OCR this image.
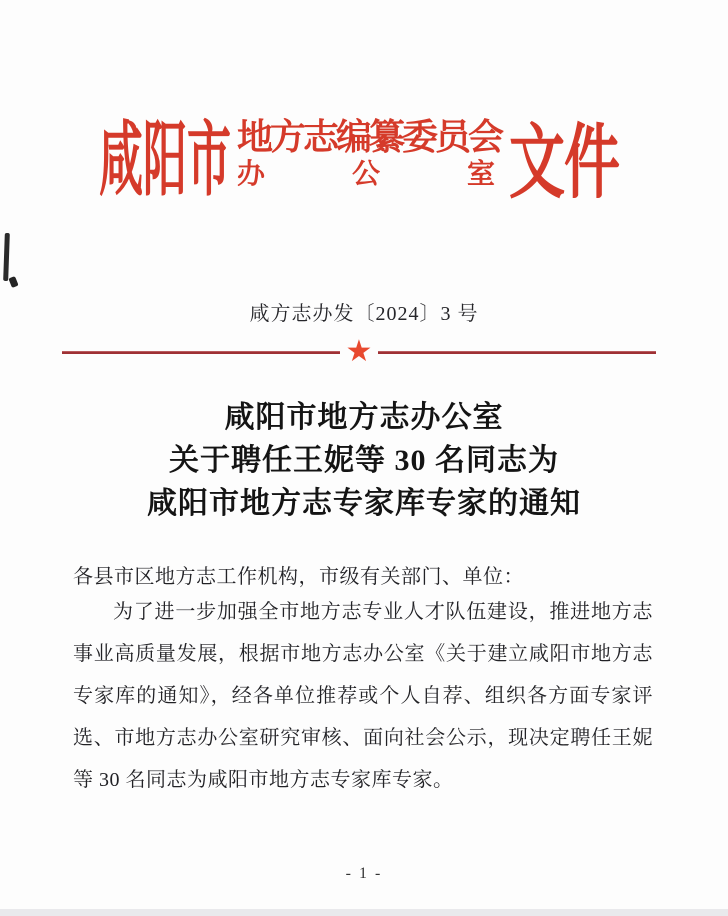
咸阳市 地方志编纂委员会
办	公	室 文件
咸方志办发〔2024〕3 号
★
咸阳市地方志办公室
关于聘任王妮等 30 名同志为
咸阳市地方志专家库专家的通知
各县市区地方志工作机构，市级有关部门、单位：
为了进一步加强全市地方志专业人才队伍建设，推进地方志
事业高质量发展，根据市地方志办公室《关于建立咸阳市地方志
专家库的通知》，经各单位推荐或个人自荐、组织各方面专家评
选、市地方志办公室研究审核、面向社会公示，现决定聘任王妮
等 30 名同志为咸阳市地方志专家库专家。
- 1 -
